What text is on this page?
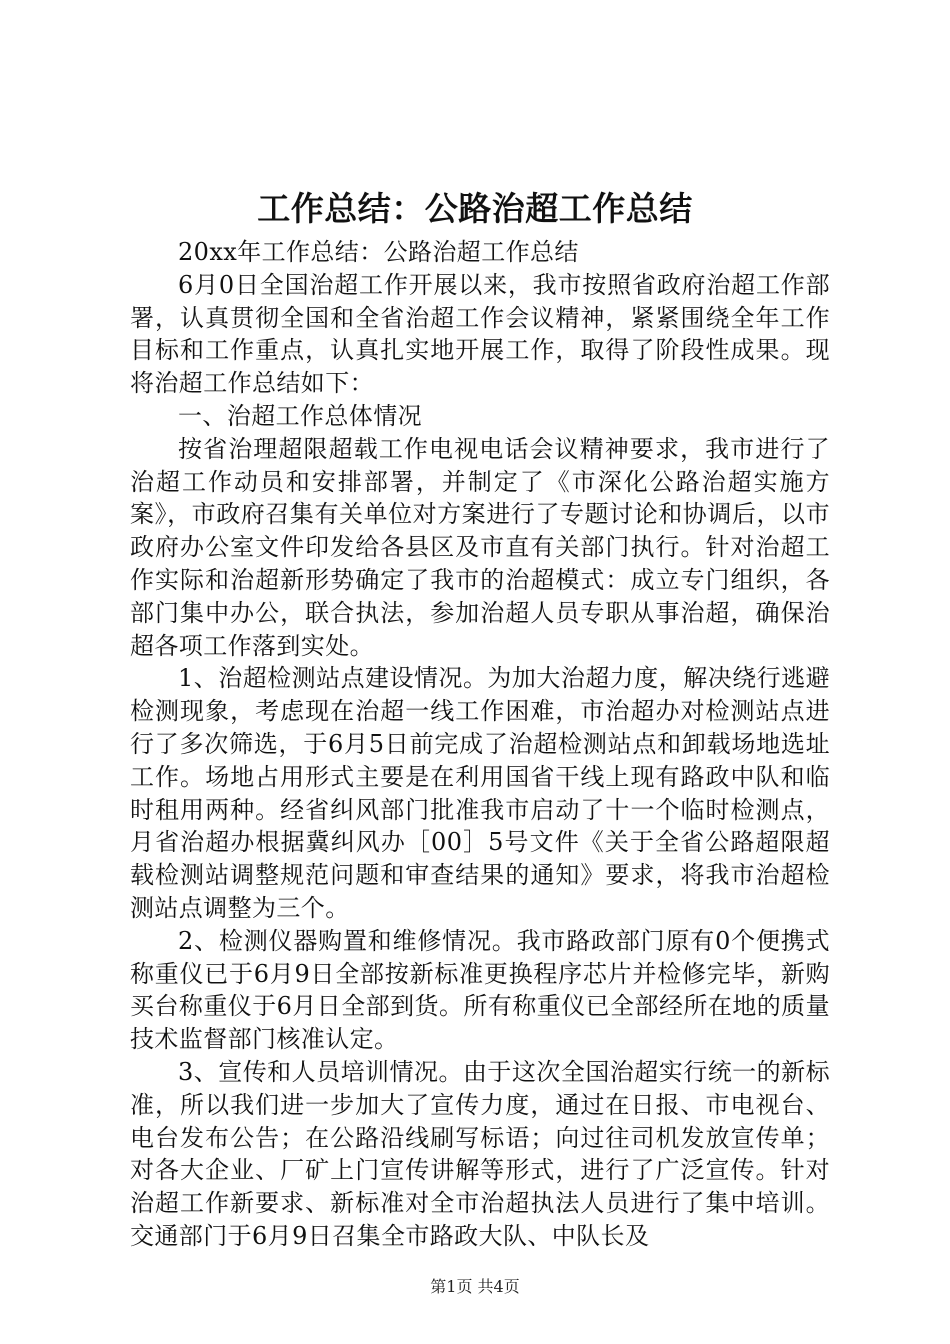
工作总结：公路治超工作总结

20xx年工作总结：公路治超工作总结

6月0日全国治超工作开展以来，我市按照省政府治超工作部署，认真贯彻全国和全省治超工作会议精神，紧紧围绕全年工作目标和工作重点，认真扎实地开展工作，取得了阶段性成果。现将治超工作总结如下：

一、治超工作总体情况

按省治理超限超载工作电视电话会议精神要求，我市进行了治超工作动员和安排部署，并制定了《市深化公路治超实施方案》，市政府召集有关单位对方案进行了专题讨论和协调后，以市政府办公室文件印发给各县区及市直有关部门执行。针对治超工作实际和治超新形势确定了我市的治超模式：成立专门组织，各部门集中办公，联合执法，参加治超人员专职从事治超，确保治超各项工作落到实处。

1、治超检测站点建设情况。为加大治超力度，解决绕行逃避检测现象，考虑现在治超一线工作困难，市治超办对检测站点进行了多次筛选，于6月5日前完成了治超检测站点和卸载场地选址工作。场地占用形式主要是在利用国省干线上现有路政中队和临时租用两种。经省纠风部门批准我市启动了十一个临时检测点，月省治超办根据冀纠风办［00］5号文件《关于全省公路超限超载检测站调整规范问题和审查结果的通知》要求，将我市治超检测站点调整为三个。

2、检测仪器购置和维修情况。我市路政部门原有0个便携式称重仪已于6月9日全部按新标准更换程序芯片并检修完毕，新购买台称重仪于6月日全部到货。所有称重仪已全部经所在地的质量技术监督部门核准认定。

3、宣传和人员培训情况。由于这次全国治超实行统一的新标准，所以我们进一步加大了宣传力度，通过在日报、市电视台、电台发布公告；在公路沿线刷写标语；向过往司机发放宣传单；对各大企业、厂矿上门宣传讲解等形式，进行了广泛宣传。针对治超工作新要求、新标准对全市治超执法人员进行了集中培训。交通部门于6月9日召集全市路政大队、中队长及

第1页 共4页
